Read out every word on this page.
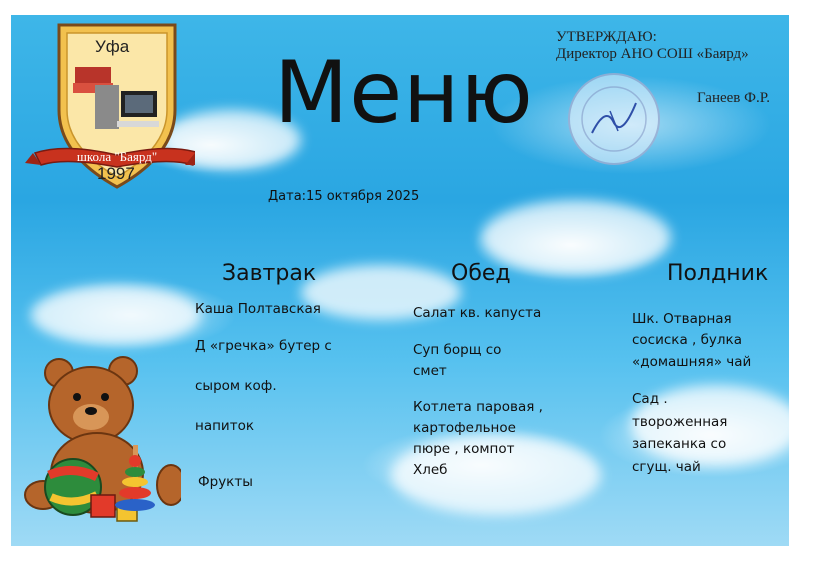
Уфа
школа "Баярд"
1997
Меню
УТВЕРЖДАЮ:
Директор АНО СОШ «Баярд»
Ганеев Ф.Р.
Дата:15 октября 2025
Завтрак
Каша Полтавская
Д «гречка» бутер с
сыром коф.
напиток
Фрукты
Обед
Салат кв. капуста
Суп борщ со
смет
Котлета паровая ,
картофельное
пюре , компот
Хлеб
Полдник
Шк. Отварная
сосиска , булка
«домашняя» чай
Сад .
твороженная
запеканка со
сгущ. чай
